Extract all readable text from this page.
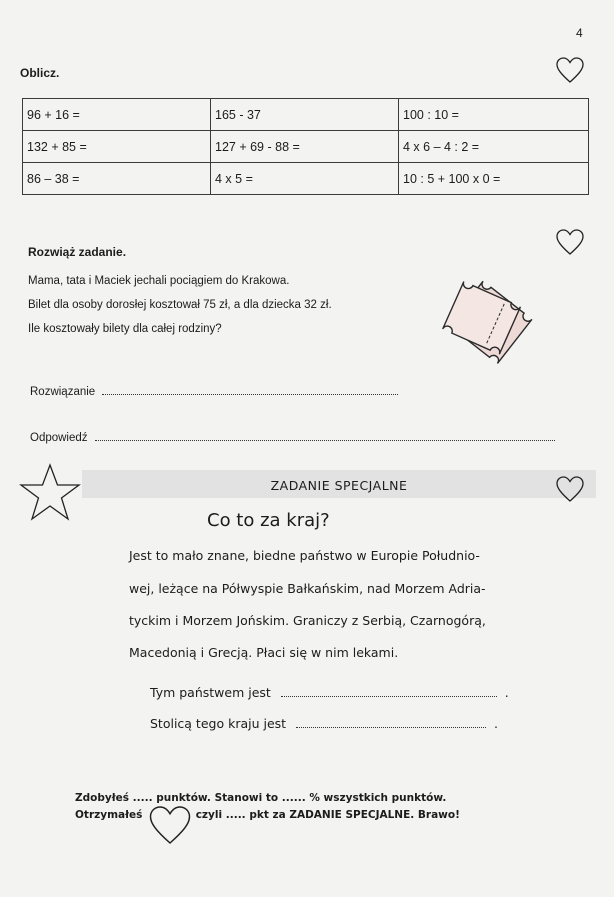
4
Oblicz.
96 + 16 =	165 - 37	100 : 10 =
132 + 85 =	127 + 69 - 88 =	4 x 6 – 4 : 2 =
86 – 38 =	4 x 5 =	10 : 5 + 100 x 0 =
Rozwiąż zadanie.
Mama, tata i Maciek jechali pociągiem do Krakowa.
Bilet dla osoby dorosłej kosztował 75 zł, a dla dziecka 32 zł.
Ile kosztowały bilety dla całej rodziny?
Rozwiązanie
Odpowiedź
ZADANIE SPECJALNE
Co to za kraj?
Jest to mało znane, biedne państwo w Europie Południo-
wej, leżące na Półwyspie Bałkańskim, nad Morzem Adria-
tyckim i Morzem Jońskim. Graniczy z Serbią, Czarnogórą,
Macedonią i Grecją. Płaci się w nim lekami.
Tym państwem jest	.
Stolicą tego kraju jest	.
Zdobyłeś ..... punktów. Stanowi to ...... % wszystkich punktów.
Otrzymałeś	czyli ..... pkt za ZADANIE SPECJALNE. Brawo!
